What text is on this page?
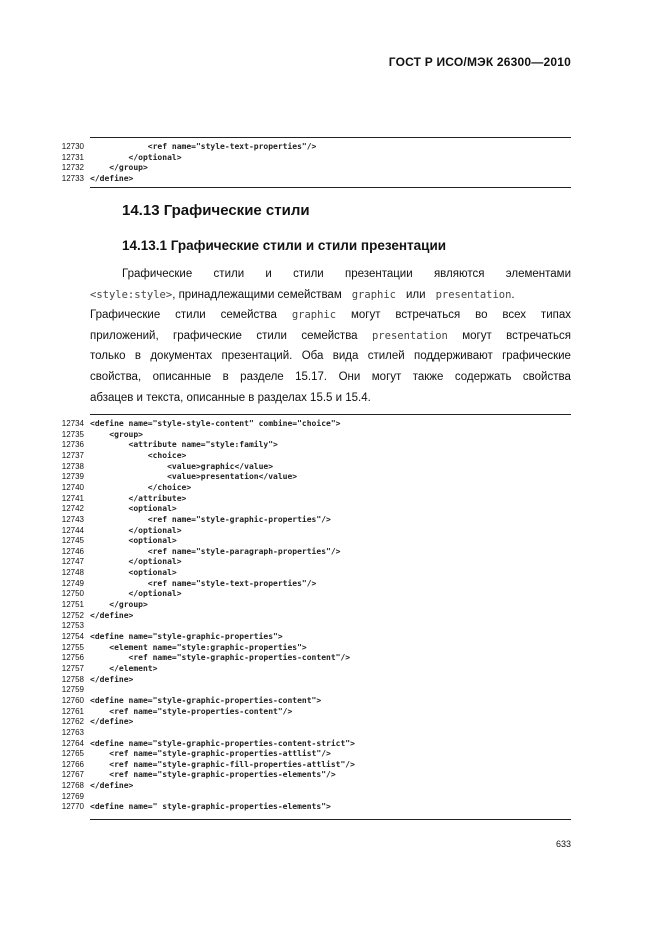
ГОСТ Р ИСО/МЭК 26300—2010
12730 <ref name="style-text-properties"/>
12731 </optional>
12732 </group>
12733 </define>
14.13 Графические стили
14.13.1 Графические стили и стили презентации
Графические стили и стили презентации являются элементами
<style:style> , принадлежащими семействам graphic или presentation .
Графические стили семейства graphic могут встречаться во всех типах
приложений, графические стили семейства presentation могут встречаться
только в документах презентаций. Оба вида стилей поддерживают графические
свойства, описанные в разделе 15.17. Они могут также содержать свойства
абзацев и текста, описанные в разделах 15.5 и 15.4.
12734 <define name="style-style-content" combine="choice">
12735 <group>
12736 <attribute name="style:family">
12737 <choice>
12738 <value>graphic</value>
12739 <value>presentation</value>
12740 </choice>
12741 </attribute>
12742 <optional>
12743 <ref name="style-graphic-properties"/>
12744 </optional>
12745 <optional>
12746 <ref name="style-paragraph-properties"/>
12747 </optional>
12748 <optional>
12749 <ref name="style-text-properties"/>
12750 </optional>
12751 </group>
12752 </define>
12753
12754 <define name="style-graphic-properties">
12755 <element name="style:graphic-properties">
12756 <ref name="style-graphic-properties-content"/>
12757 </element>
12758 </define>
12759
12760 <define name="style-graphic-properties-content">
12761 <ref name="style-properties-content"/>
12762 </define>
12763
12764 <define name="style-graphic-properties-content-strict">
12765 <ref name="style-graphic-properties-attlist"/>
12766 <ref name="style-graphic-fill-properties-attlist"/>
12767 <ref name="style-graphic-properties-elements"/>
12768 </define>
12769
12770 <define name=" style-graphic-properties-elements">
633
